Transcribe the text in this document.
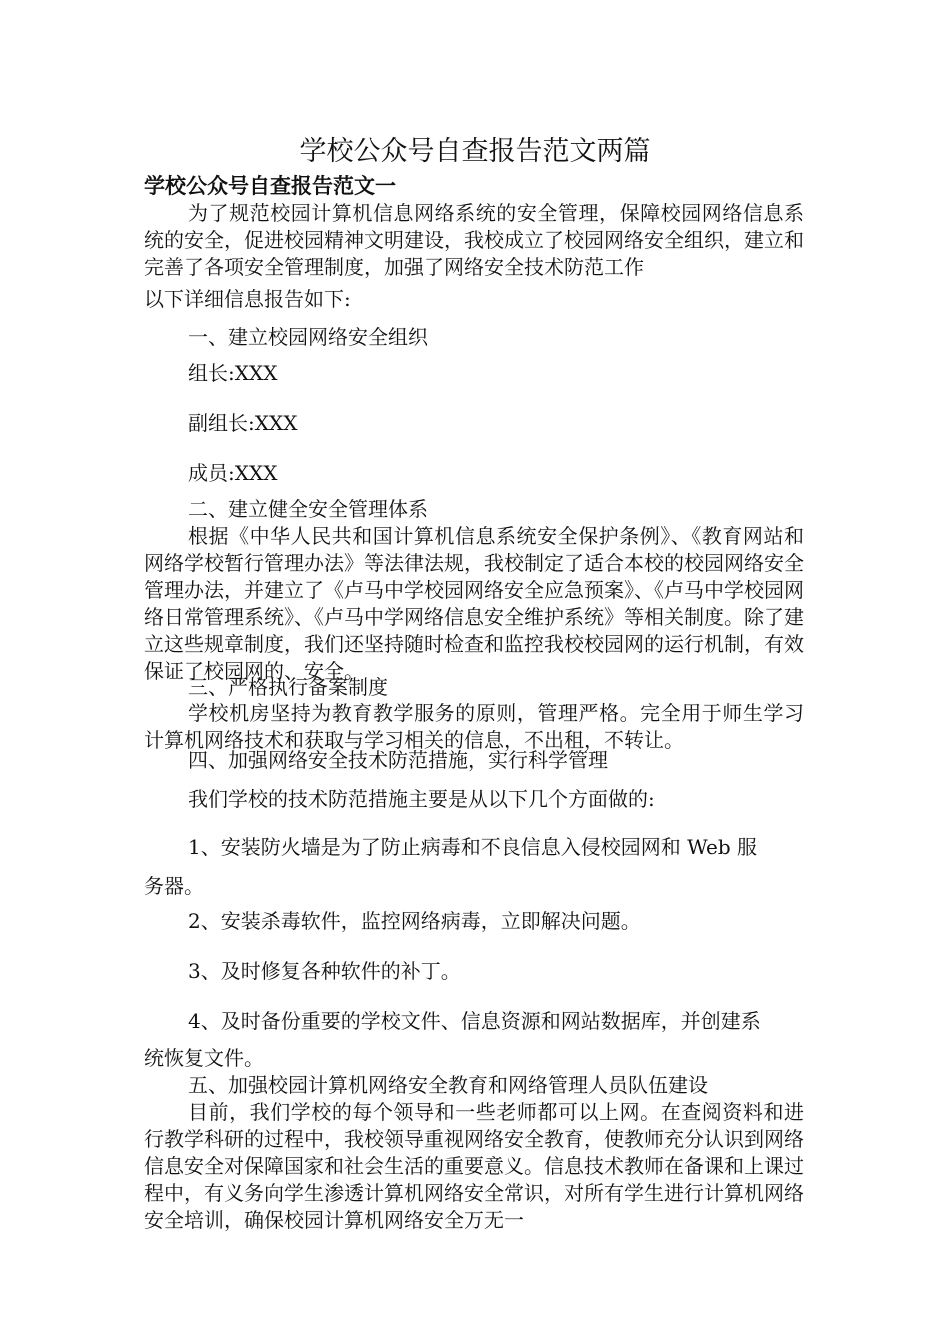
学校公众号自查报告范文两篇
学校公众号自查报告范文一

为了规范校园计算机信息网络系统的安全管理，保障校园网络信息系统的安全，促进校园精神文明建设，我校成立了校园网络安全组织，建立和完善了各项安全管理制度，加强了网络安全技术防范工作

以下详细信息报告如下:
一、建立校园网络安全组织
组长:XXX
副组长:XXX
成员:XXX
二、建立健全安全管理体系

根据《中华人民共和国计算机信息系统安全保护条例》、《教育网站和网络学校暂行管理办法》等法律法规，我校制定了适合本校的校园网络安全管理办法，并建立了《卢马中学校园网络安全应急预案》、《卢马中学校园网络日常管理系统》、《卢马中学网络信息安全维护系统》等相关制度。除了建立这些规章制度，我们还坚持随时检查和监控我校校园网的运行机制，有效保证了校园网的、安全。

三、严格执行备案制度

学校机房坚持为教育教学服务的原则，管理严格。完全用于师生学习计算机网络技术和获取与学习相关的信息，不出租，不转让。

四、加强网络安全技术防范措施，实行科学管理
我们学校的技术防范措施主要是从以下几个方面做的:
1、安装防火墙是为了防止病毒和不良信息入侵校园网和 Web 服
务器。
2、安装杀毒软件，监控网络病毒，立即解决问题。
3、及时修复各种软件的补丁。
4、及时备份重要的学校文件、信息资源和网站数据库，并创建系
统恢复文件。
五、加强校园计算机网络安全教育和网络管理人员队伍建设

目前，我们学校的每个领导和一些老师都可以上网。在查阅资料和进行教学科研的过程中，我校领导重视网络安全教育，使教师充分认识到网络信息安全对保障国家和社会生活的重要意义。信息技术教师在备课和上课过程中，有义务向学生渗透计算机网络安全常识，对所有学生进行计算机网络安全培训，确保校园计算机网络安全万无一
